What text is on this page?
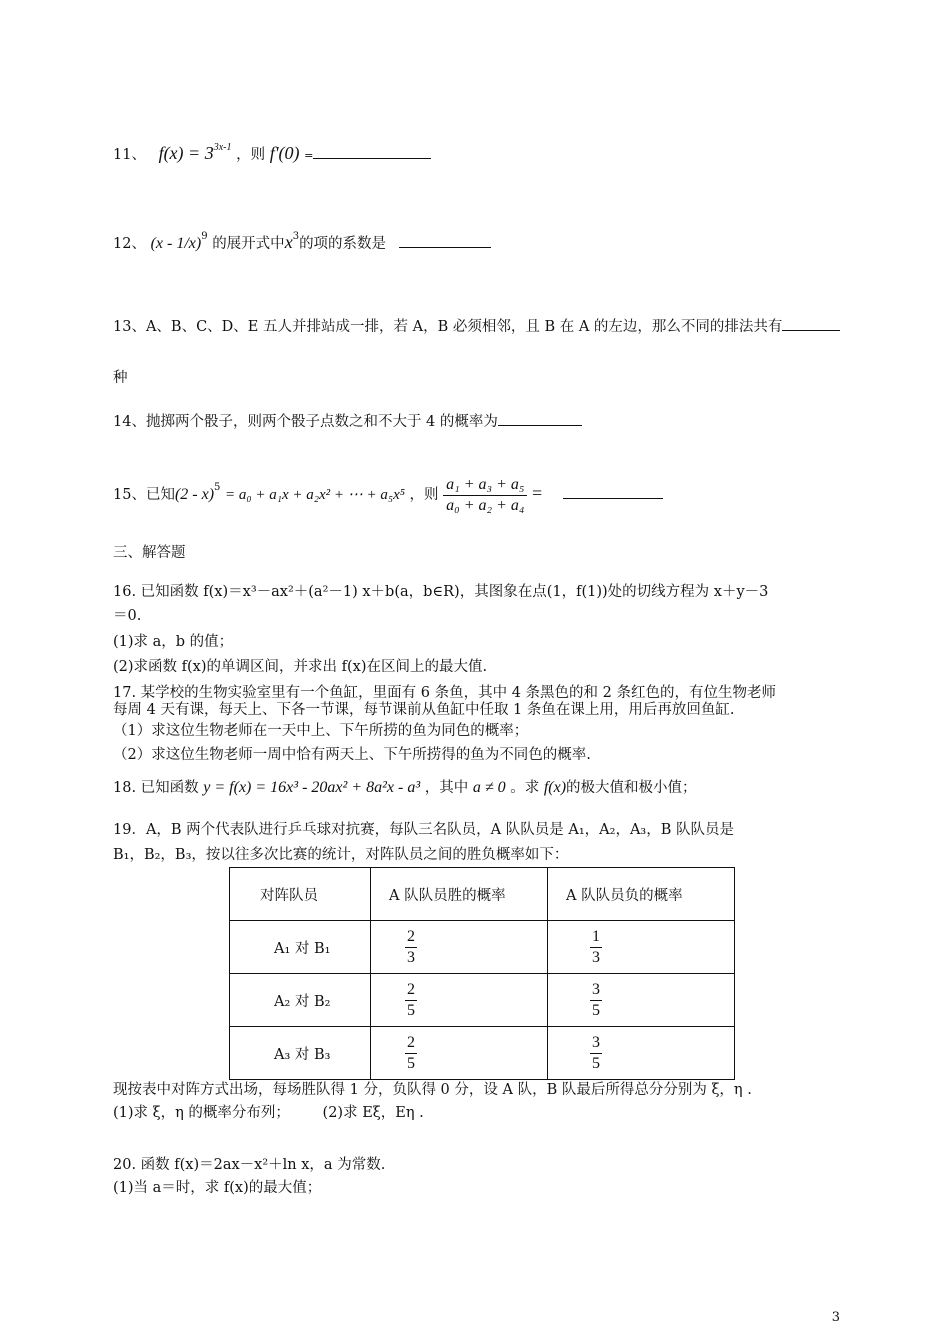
11、 $f(x) = 3^{3x-1}$ ，则 f'(0) =
12、 (x - 1/x)$^9$ 的展开式中$x^3$的项的系数是
13、A、B、C、D、E 五人并排站成一排，若 A，B 必须相邻，且 B 在 A 的左边，那么不同的排法共有
种
14、抛掷两个骰子，则两个骰子点数之和不大于 4 的概率为
15、已知(2 - x)$^5$ = a₀ + a₁x + a₂x² + ⋯ + a₅x⁵ ，则 $\frac{\text{a₁ + a₃ + a₅}}{\text{a₀ + a₂ + a₄}}$ =
三、解答题
16. 已知函数 f(x)＝x³－ax²＋(a²－1) x＋b(a，b∈R)，其图象在点(1，f(1))处的切线方程为 x＋y－3
＝0.
(1)求 a，b 的值；
(2)求函数 f(x)的单调区间，并求出 f(x)在区间上的最大值.
17. 某学校的生物实验室里有一个鱼缸，里面有 6 条鱼，其中 4 条黑色的和 2 条红色的，有位生物老师
每周 4 天有课，每天上、下各一节课，每节课前从鱼缸中任取 1 条鱼在课上用，用后再放回鱼缸.
（1）求这位生物老师在一天中上、下午所捞的鱼为同色的概率；
（2）求这位生物老师一周中恰有两天上、下午所捞得的鱼为不同色的概率.
18. 已知函数 y = f(x) = 16x³ - 20ax² + 8a²x - a³ ，其中 a ≠ 0 。求 f(x)的极大值和极小值；
19．A，B 两个代表队进行乒乓球对抗赛，每队三名队员，A 队队员是 A₁，A₂，A₃，B 队队员是
B₁，B₂，B₃，按以往多次比赛的统计，对阵队员之间的胜负概率如下：
对阵队员	A 队队员胜的概率	A 队队员负的概率
A₁ 对 B₁	$\frac{2}{3}$	$\frac{1}{3}$

A₂ 对 B₂	$\frac{2}{5}$	$\frac{3}{5}$

A₃ 对 B₃	$\frac{2}{5}$	$\frac{3}{5}$
现按表中对阵方式出场，每场胜队得 1 分，负队得 0 分，设 A 队，B 队最后所得总分分别为 ξ，η .
(1)求 ξ，η 的概率分布列； (2)求 Eξ，Eη .
20. 函数 f(x)＝2ax－x²＋ln x，a 为常数.
(1)当 a＝时，求 f(x)的最大值；
3
